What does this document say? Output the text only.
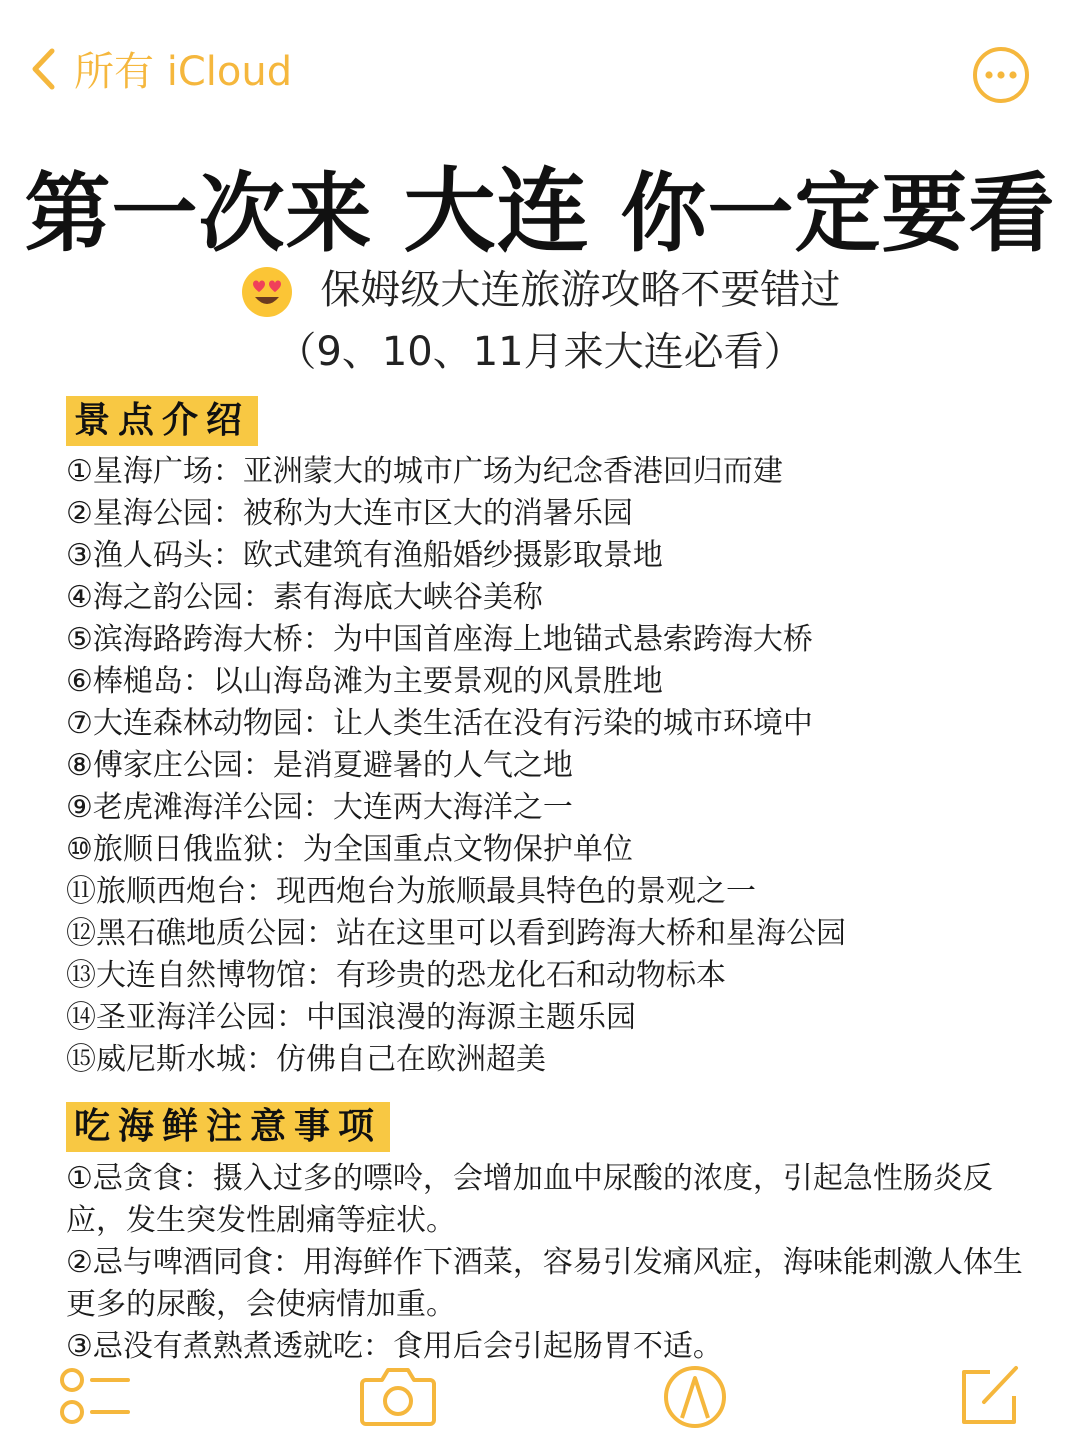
所有 iCloud
第一次来 大连 你一定要看
保姆级大连旅游攻略不要错过
（9、10、11月来大连必看）
景点介绍
①星海广场：亚洲蒙大的城市广场为纪念香港回归而建
②星海公园：被称为大连市区大的消暑乐园
③渔人码头：欧式建筑有渔船婚纱摄影取景地
④海之韵公园：素有海底大峡谷美称
⑤滨海路跨海大桥：为中国首座海上地锚式悬索跨海大桥
⑥棒槌岛：以山海岛滩为主要景观的风景胜地
⑦大连森林动物园：让人类生活在没有污染的城市环境中
⑧傅家庄公园：是消夏避暑的人气之地
⑨老虎滩海洋公园：大连两大海洋之一
⑩旅顺日俄监狱：为全国重点文物保护单位
⑪旅顺西炮台：现西炮台为旅顺最具特色的景观之一
⑫黑石礁地质公园：站在这里可以看到跨海大桥和星海公园
⑬大连自然博物馆：有珍贵的恐龙化石和动物标本
⑭圣亚海洋公园：中国浪漫的海源主题乐园
⑮威尼斯水城：仿佛自己在欧洲超美
吃海鲜注意事项
①忌贪食：摄入过多的嘌呤，会增加血中尿酸的浓度，引起急性肠炎反应，发生突发性剧痛等症状。
②忌与啤酒同食：用海鲜作下酒菜，容易引发痛风症，海味能刺激人体生更多的尿酸，会使病情加重。
③忌没有煮熟煮透就吃：食用后会引起肠胃不适。
